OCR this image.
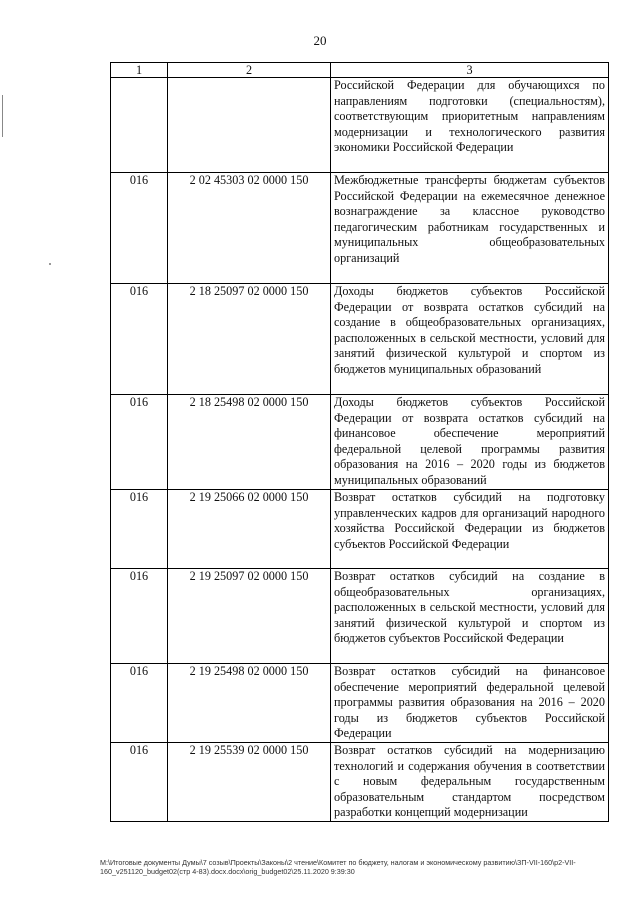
20
1	2	3
		Российской Федерации для обучающихся по направлениям подготовки (специальностям), соответствующим приоритетным направлениям модернизации и технологического развития экономики Российской Федерации
016	2 02 45303 02 0000 150	Межбюджетные трансферты бюджетам субъектов Российской Федерации на ежемесячное денежное вознаграждение за классное руководство педагогическим работникам государственных и муниципальных общеобразовательных организаций
016	2 18 25097 02 0000 150	Доходы бюджетов субъектов Российской Федерации от возврата остатков субсидий на создание в общеобразовательных организациях, расположенных в сельской местности, условий для занятий физической культурой и спортом из бюджетов муниципальных образований
016	2 18 25498 02 0000 150	Доходы бюджетов субъектов Российской Федерации от возврата остатков субсидий на финансовое обеспечение мероприятий федеральной целевой программы развития образования на 2016 – 2020 годы из бюджетов муниципальных образований
016	2 19 25066 02 0000 150	Возврат остатков субсидий на подготовку управленческих кадров для организаций народного хозяйства Российской Федерации из бюджетов субъектов Российской Федерации
016	2 19 25097 02 0000 150	Возврат остатков субсидий на создание в общеобразовательных организациях, расположенных в сельской местности, условий для занятий физической культурой и спортом из бюджетов субъектов Российской Федерации
016	2 19 25498 02 0000 150	Возврат остатков субсидий на финансовое обеспечение мероприятий федеральной целевой программы развития образования на 2016 – 2020 годы из бюджетов субъектов Российской Федерации
016	2 19 25539 02 0000 150	Возврат остатков субсидий на модернизацию технологий и содержания обучения в соответствии с новым федеральным государственным образовательным стандартом посредством разработки концепций модернизации
M:\Итоговые документы Думы\7 созыв\Проекты\Законы\2 чтение\Комитет по бюджету, налогам и экономическому развитию\ЗП-VII-160\p2-VII-160_v251120_budget02(стр 4-83).docx.docx\orig_budget02\25.11.2020 9:39:30
